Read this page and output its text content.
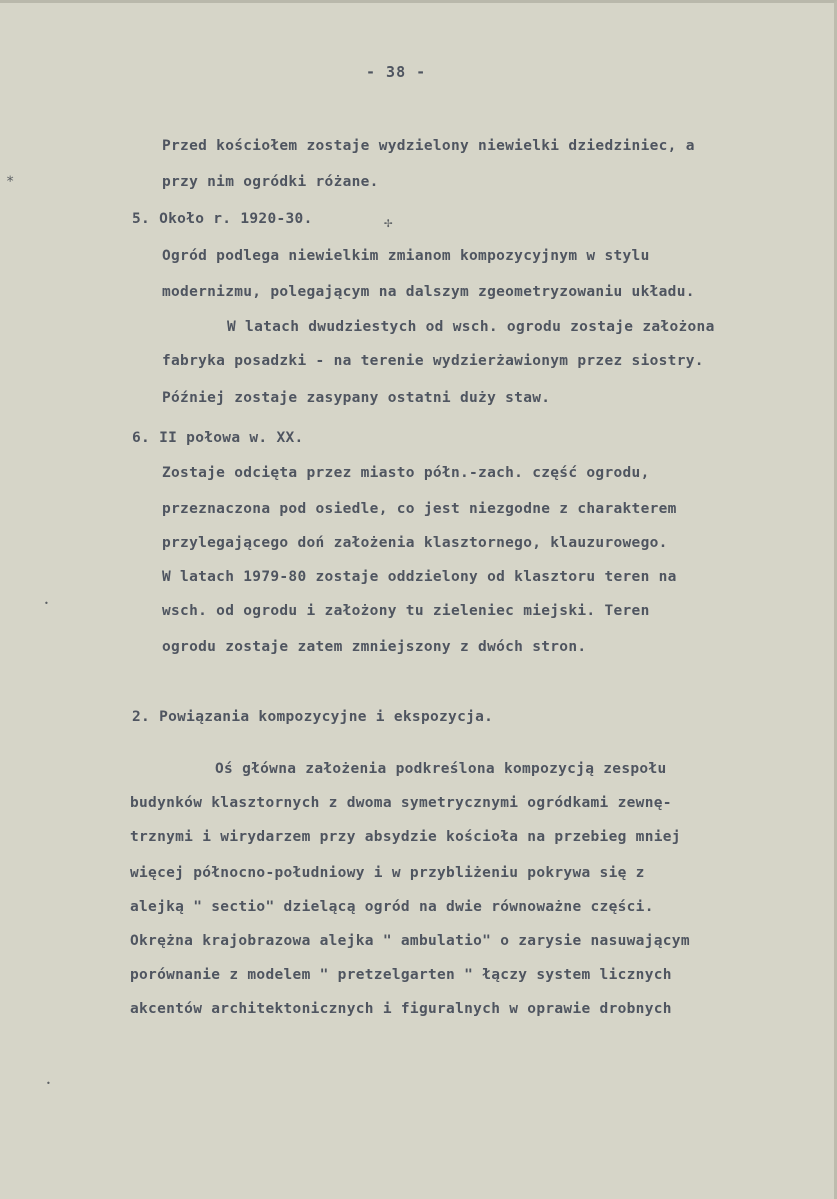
- 38 -
Przed kościołem zostaje wydzielony niewielki dziedziniec, a
przy nim ogródki różane.
5. Około r. 1920-30.
Ogród podlega niewielkim zmianom kompozycyjnym w stylu
modernizmu, polegającym na dalszym zgeometryzowaniu układu.
W latach dwudziestych od wsch. ogrodu zostaje założona
fabryka posadzki - na terenie wydzierżawionym przez siostry.
Później zostaje zasypany ostatni duży staw.
6. II połowa w. XX.
Zostaje odcięta przez miasto półn.-zach. część ogrodu,
przeznaczona pod osiedle, co jest niezgodne z charakterem
przylegającego doń założenia klasztornego, klauzurowego.
W latach 1979-80 zostaje oddzielony od klasztoru teren na
wsch. od ogrodu i założony tu zieleniec miejski. Teren
ogrodu zostaje zatem zmniejszony z dwóch stron.
2. Powiązania kompozycyjne i ekspozycja.
Oś główna założenia podkreślona kompozycją zespołu
budynków klasztornych z dwoma symetrycznymi ogródkami zewnę-
trznymi i wirydarzem przy absydzie kościoła na przebieg mniej
więcej północno-południowy i w przybliżeniu pokrywa się z
alejką " sectio" dzielącą ogród na dwie równoważne części.
Okrężna krajobrazowa alejka " ambulatio" o zarysie nasuwającym
porównanie z modelem " pretzelgarten " łączy system licznych
akcentów architektonicznych i figuralnych w oprawie drobnych
∗
✢
•
•
